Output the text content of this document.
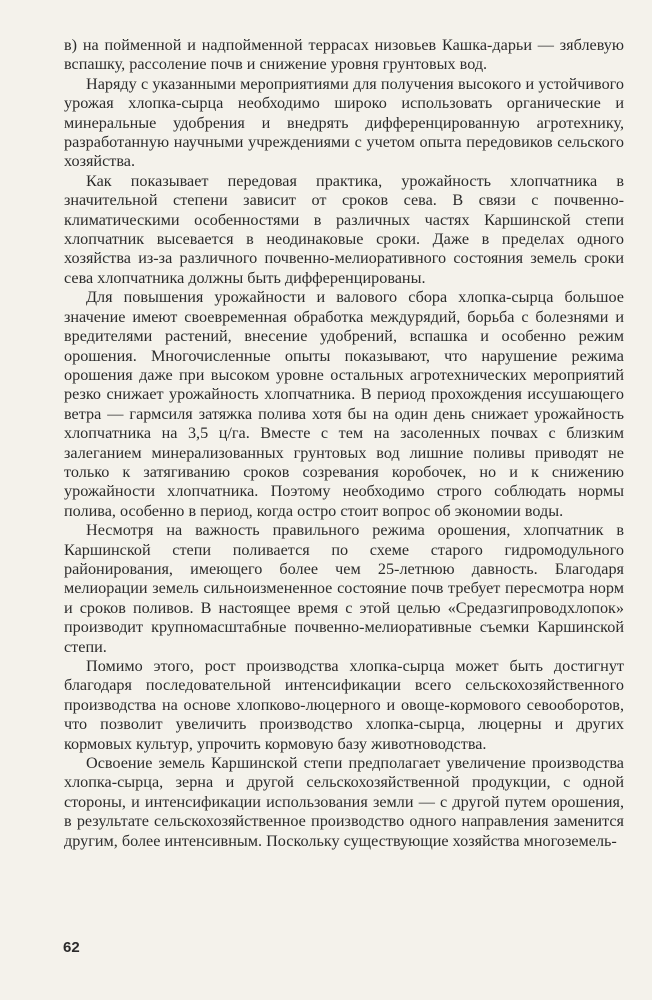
в) на пойменной и надпойменной террасах низовьев Кашка-дарьи — зяблевую вспашку, рассоление почв и снижение уровня грунтовых вод.

Наряду с указанными мероприятиями для получения высокого и устойчивого урожая хлопка-сырца необходимо широко использовать органические и минеральные удобрения и внедрять дифференцированную агротехнику, разработанную научными учреждениями с учетом опыта передовиков сельского хозяйства.

Как показывает передовая практика, урожайность хлопчатника в значительной степени зависит от сроков сева. В связи с почвенно-климатическими особенностями в различных частях Каршинской степи хлопчатник высевается в неодинаковые сроки. Даже в пределах одного хозяйства из-за различного почвенно-мелиоративного состояния земель сроки сева хлопчатника должны быть дифференцированы.

Для повышения урожайности и валового сбора хлопка-сырца большое значение имеют своевременная обработка междурядий, борьба с болезнями и вредителями растений, внесение удобрений, вспашка и особенно режим орошения. Многочисленные опыты показывают, что нарушение режима орошения даже при высоком уровне остальных агротехнических мероприятий резко снижает урожайность хлопчатника. В период прохождения иссушающего ветра — гармсиля затяжка полива хотя бы на один день снижает урожайность хлопчатника на 3,5 ц/га. Вместе с тем на засоленных почвах с близким залеганием минерализованных грунтовых вод лишние поливы приводят не только к затягиванию сроков созревания коробочек, но и к снижению урожайности хлопчатника. Поэтому необходимо строго соблюдать нормы полива, особенно в период, когда остро стоит вопрос об экономии воды.

Несмотря на важность правильного режима орошения, хлопчатник в Каршинской степи поливается по схеме старого гидромодульного районирования, имеющего более чем 25-летнюю давность. Благодаря мелиорации земель сильноизмененное состояние почв требует пересмотра норм и сроков поливов. В настоящее время с этой целью «Средазгипроводхлопок» производит крупномасштабные почвенно-мелиоративные съемки Каршинской степи.

Помимо этого, рост производства хлопка-сырца может быть достигнут благодаря последовательной интенсификации всего сельскохозяйственного производства на основе хлопково-люцерного и овоще-кормового севооборотов, что позволит увеличить производство хлопка-сырца, люцерны и других кормовых культур, упрочить кормовую базу животноводства.

Освоение земель Каршинской степи предполагает увеличение производства хлопка-сырца, зерна и другой сельскохозяйственной продукции, с одной стороны, и интенсификации использования земли — с другой путем орошения, в результате сельскохозяйственное производство одного направления заменится другим, более интенсивным. Поскольку существующие хозяйства многоземель-

62
